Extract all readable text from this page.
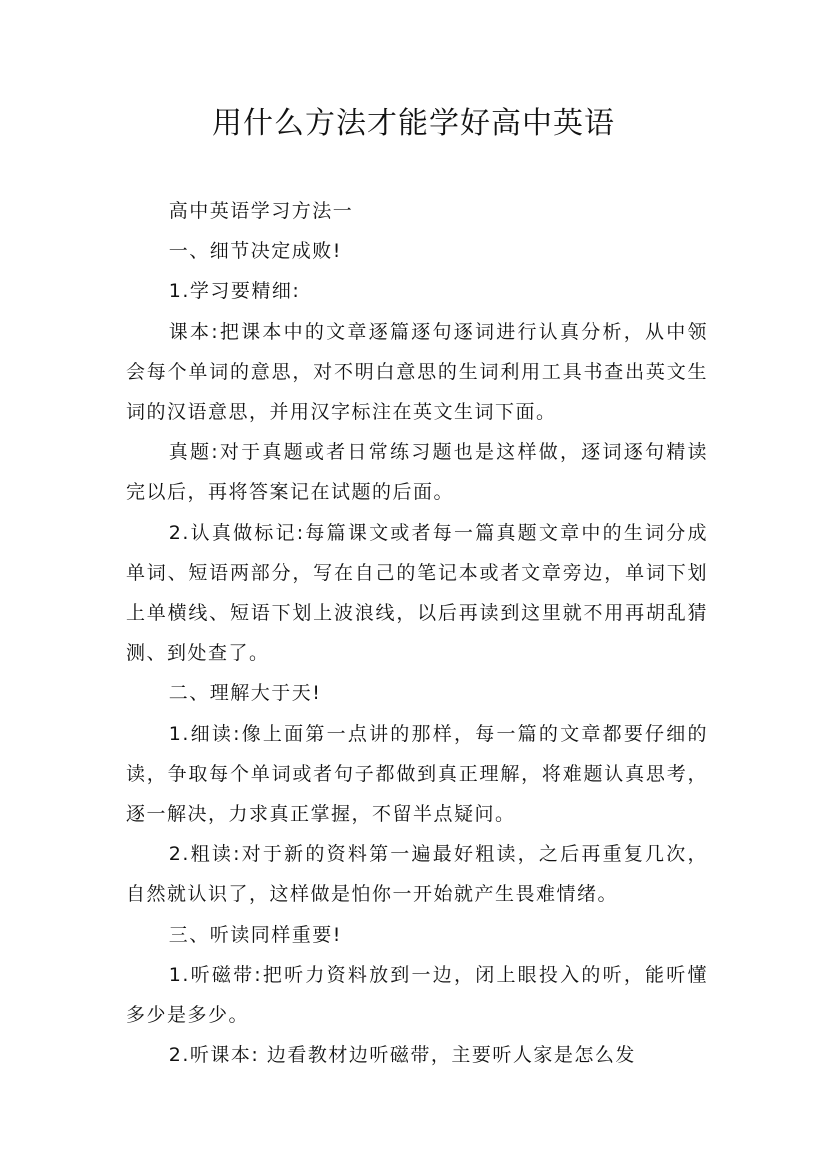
用什么方法才能学好高中英语

高中英语学习方法一

一、细节决定成败!

1.学习要精细:

课本:把课本中的文章逐篇逐句逐词进行认真分析，从中领会每个单词的意思，对不明白意思的生词利用工具书查出英文生词的汉语意思，并用汉字标注在英文生词下面。

真题:对于真题或者日常练习题也是这样做，逐词逐句精读完以后，再将答案记在试题的后面。

2.认真做标记:每篇课文或者每一篇真题文章中的生词分成单词、短语两部分，写在自己的笔记本或者文章旁边，单词下划上单横线、短语下划上波浪线，以后再读到这里就不用再胡乱猜测、到处查了。

二、理解大于天!

1.细读:像上面第一点讲的那样，每一篇的文章都要仔细的读，争取每个单词或者句子都做到真正理解，将难题认真思考，逐一解决，力求真正掌握，不留半点疑问。

2.粗读:对于新的资料第一遍最好粗读，之后再重复几次，自然就认识了，这样做是怕你一开始就产生畏难情绪。

三、听读同样重要!

1.听磁带:把听力资料放到一边，闭上眼投入的听，能听懂多少是多少。

2.听课本: 边看教材边听磁带，主要听人家是怎么发
